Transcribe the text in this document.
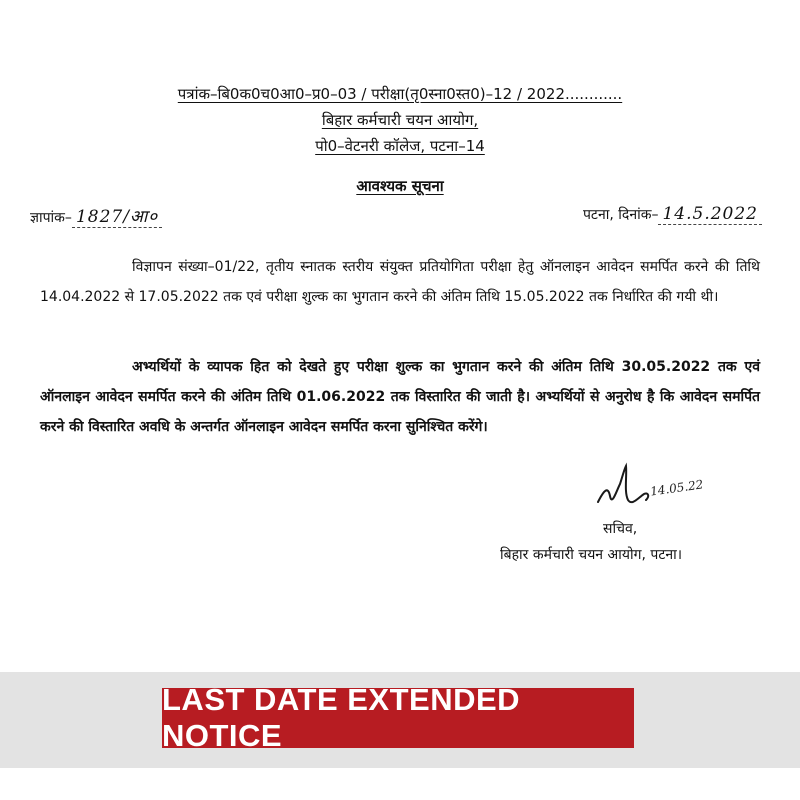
पत्रांक–बि0क0च0आ0–प्र0–03 / परीक्षा(तृ0स्ना0स्त0)–12 / 2022............
बिहार कर्मचारी चयन आयोग,
पो0–वेटनरी कॉलेज, पटना–14
आवश्यक सूचना
ज्ञापांक– 1827/आ०	पटना, दिनांक– 14.5.2022

विज्ञापन संख्या–01/22, तृतीय स्नातक स्तरीय संयुक्त प्रतियोगिता परीक्षा हेतु ऑनलाइन आवेदन समर्पित करने की तिथि 14.04.2022 से 17.05.2022 तक एवं परीक्षा शुल्क का भुगतान करने की अंतिम तिथि 15.05.2022 तक निर्धारित की गयी थी।

अभ्यर्थियों के व्यापक हित को देखते हुए परीक्षा शुल्क का भुगतान करने की अंतिम तिथि 30.05.2022 तक एवं ऑनलाइन आवेदन समर्पित करने की अंतिम तिथि 01.06.2022 तक विस्तारित की जाती है। अभ्यर्थियों से अनुरोध है कि आवेदन समर्पित करने की विस्तारित अवधि के अन्तर्गत ऑनलाइन आवेदन समर्पित करना सुनिश्चित करेंगे।

14.05.22
सचिव,
बिहार कर्मचारी चयन आयोग, पटना।
LAST DATE EXTENDED NOTICE
